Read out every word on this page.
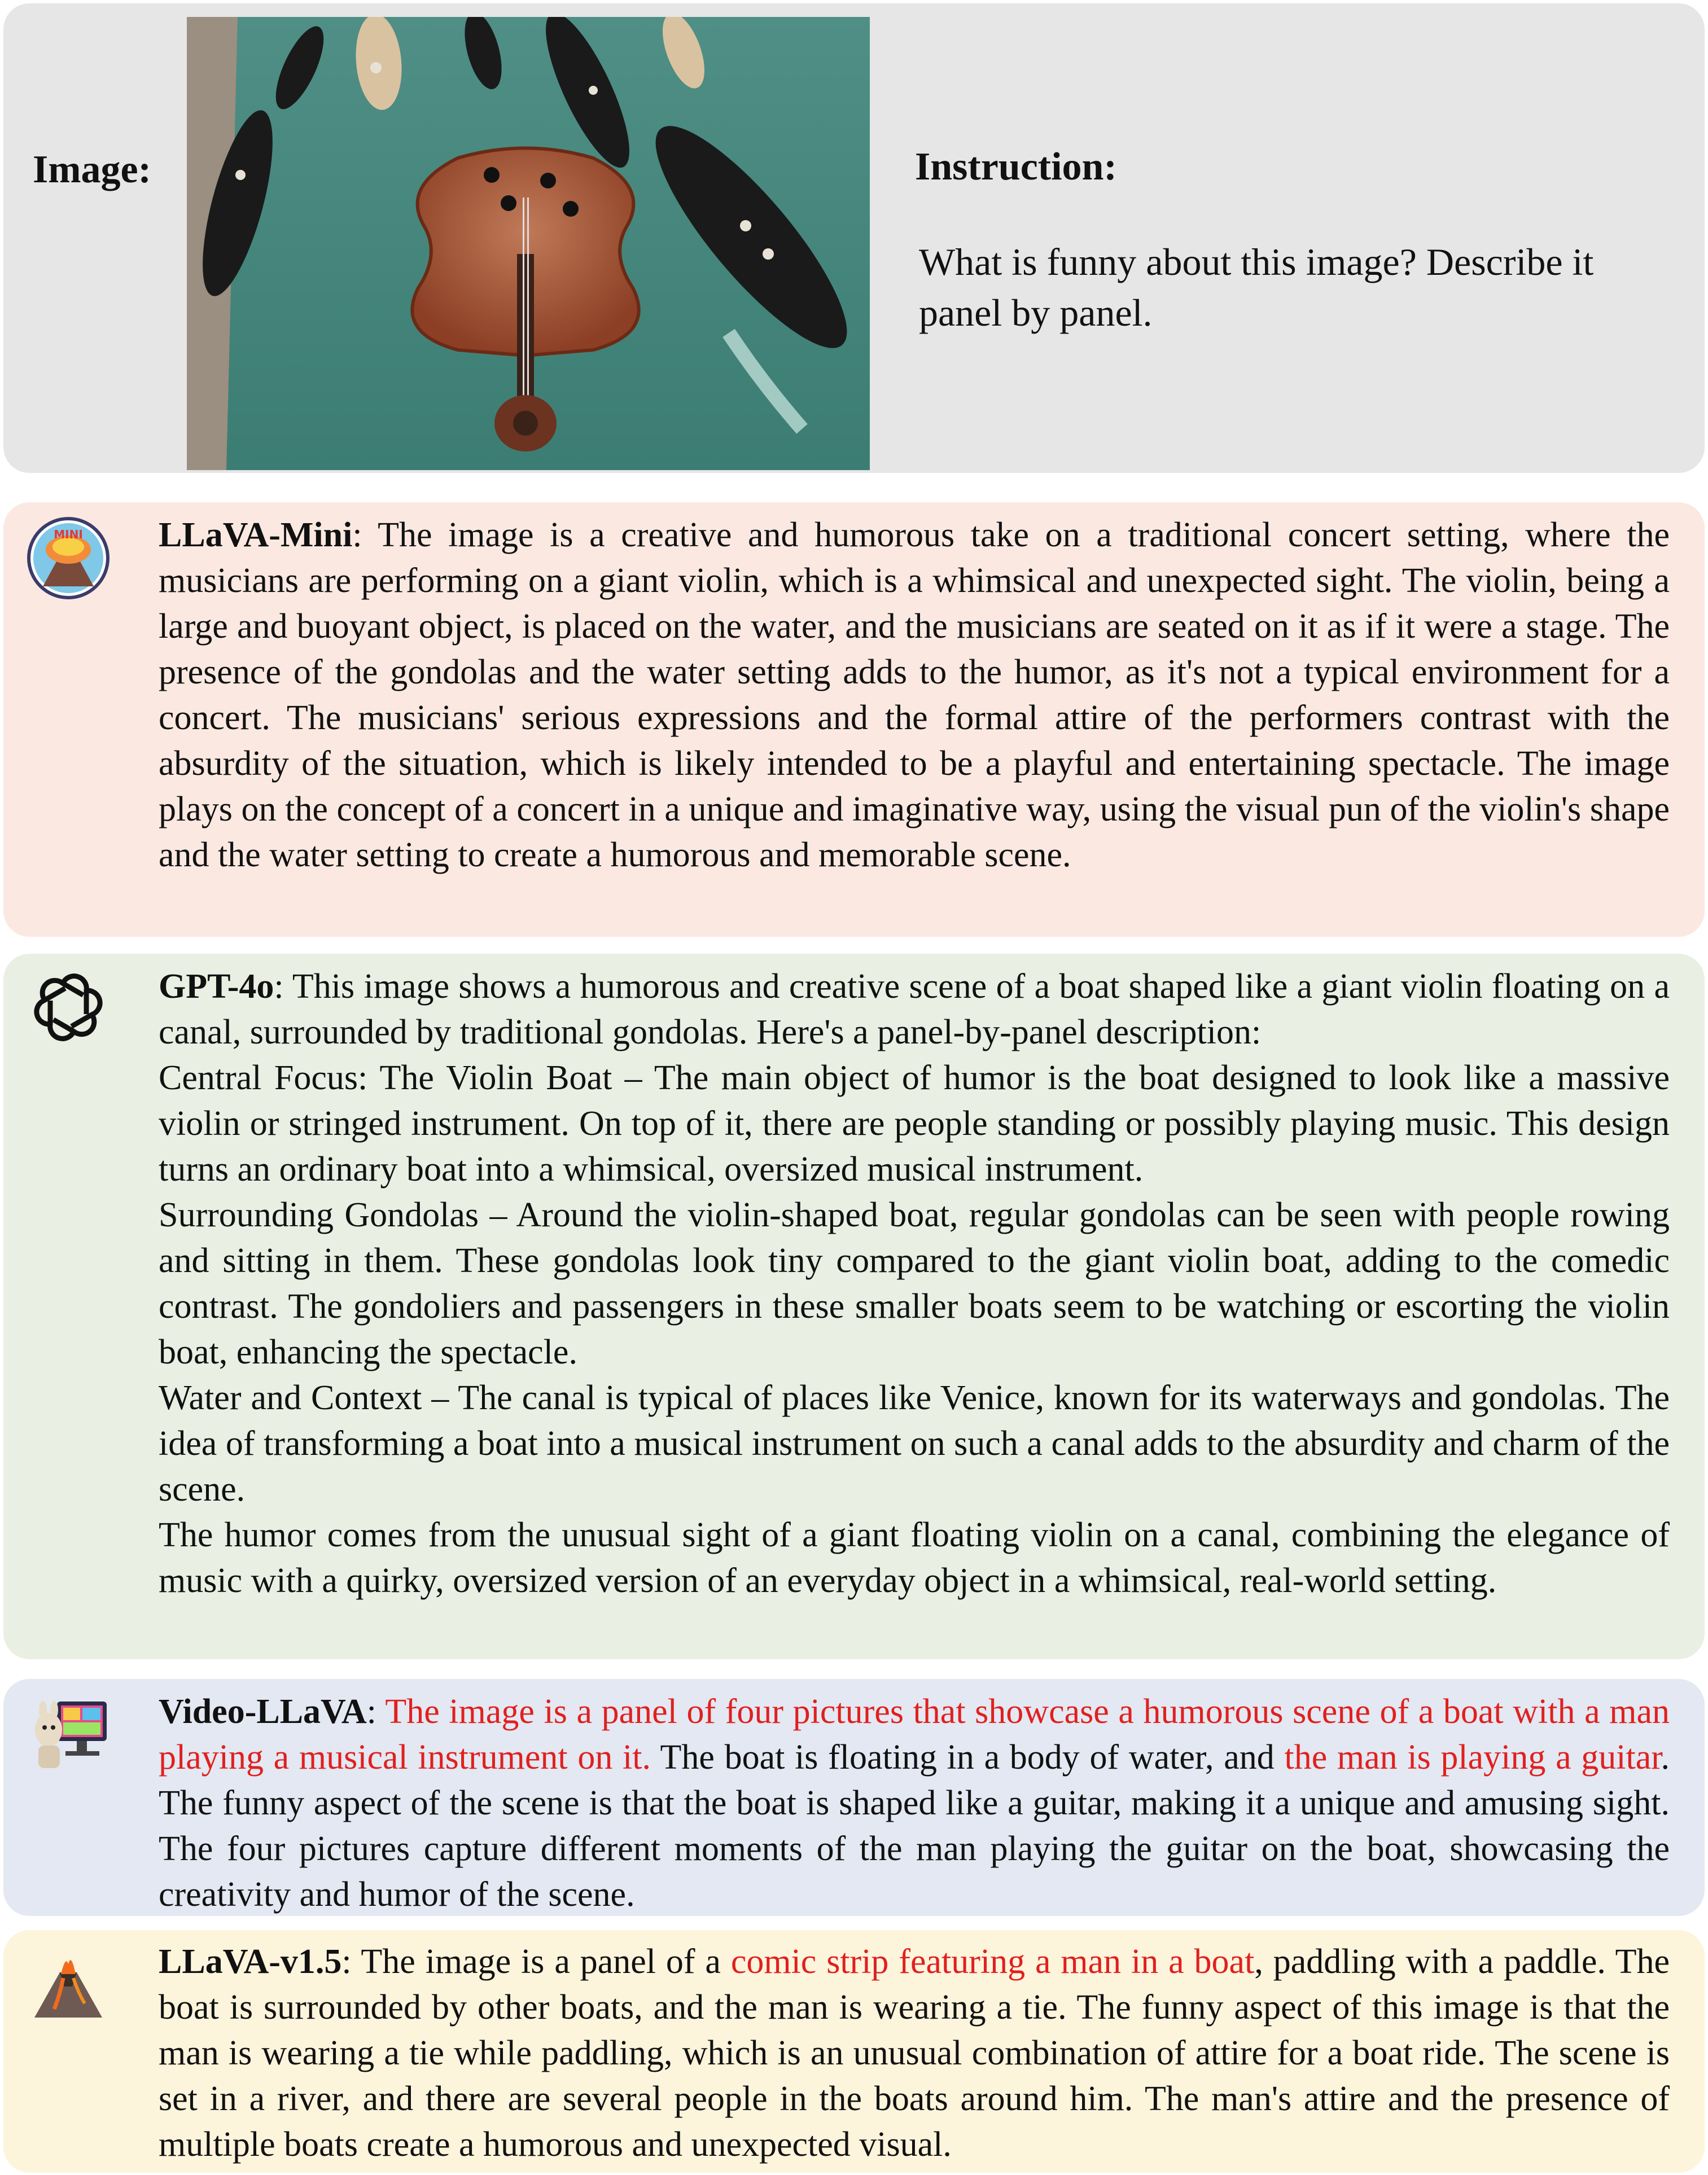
Image:	Instruction:
What is funny about this image? Describe it panel by panel.
MINI LLaVA-Mini: The image is a creative and humorous take on a traditional concert setting, where the musicians are performing on a giant violin, which is a whimsical and unexpected sight. The violin, being a large and buoyant object, is placed on the water, and the musicians are seated on it as if it were a stage. The presence of the gondolas and the water setting adds to the humor, as it's not a typical environment for a concert. The musicians' serious expressions and the formal attire of the performers contrast with the absurdity of the situation, which is likely intended to be a playful and entertaining spectacle. The image plays on the concept of a concert in a unique and imaginative way, using the visual pun of the violin's shape and the water setting to create a humorous and memorable scene.
GPT-4o: This image shows a humorous and creative scene of a boat shaped like a giant violin floating on a canal, surrounded by traditional gondolas. Here's a panel-by-panel description:
Central Focus: The Violin Boat – The main object of humor is the boat designed to look like a massive violin or stringed instrument. On top of it, there are people standing or possibly playing music. This design turns an ordinary boat into a whimsical, oversized musical instrument.
Surrounding Gondolas – Around the violin-shaped boat, regular gondolas can be seen with people rowing and sitting in them. These gondolas look tiny compared to the giant violin boat, adding to the comedic contrast. The gondoliers and passengers in these smaller boats seem to be watching or escorting the violin boat, enhancing the spectacle.
Water and Context – The canal is typical of places like Venice, known for its waterways and gondolas. The idea of transforming a boat into a musical instrument on such a canal adds to the absurdity and charm of the scene.
The humor comes from the unusual sight of a giant floating violin on a canal, combining the elegance of music with a quirky, oversized version of an everyday object in a whimsical, real-world setting.
Video-LLaVA: The image is a panel of four pictures that showcase a humorous scene of a boat with a man playing a musical instrument on it. The boat is floating in a body of water, and the man is playing a guitar. The funny aspect of the scene is that the boat is shaped like a guitar, making it a unique and amusing sight. The four pictures capture different moments of the man playing the guitar on the boat, showcasing the creativity and humor of the scene.
LLaVA-v1.5: The image is a panel of a comic strip featuring a man in a boat, paddling with a paddle. The boat is surrounded by other boats, and the man is wearing a tie. The funny aspect of this image is that the man is wearing a tie while paddling, which is an unusual combination of attire for a boat ride. The scene is set in a river, and there are several people in the boats around him. The man's attire and the presence of multiple boats create a humorous and unexpected visual.
